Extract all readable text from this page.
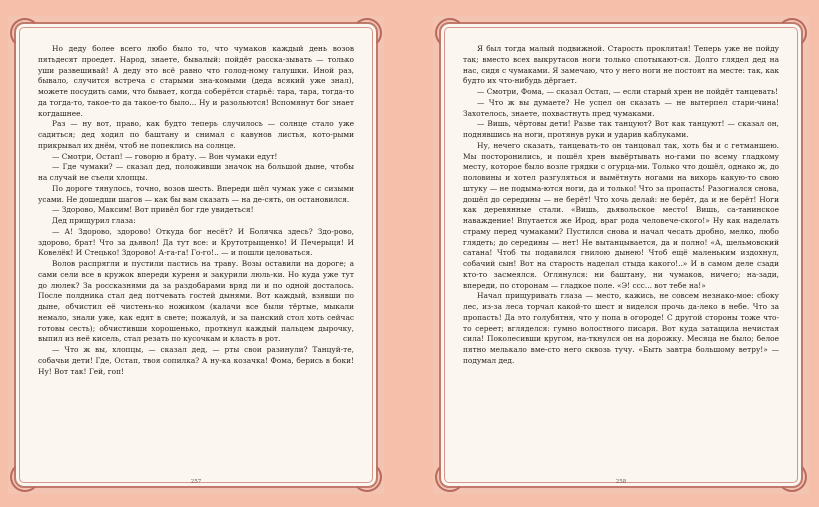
Но деду более всего любо было то, что чумаков каждый день возов пятьдесят проедет. Народ, знаете, бывалый: пойдёт расска-зывать — только уши развешивай! А деду это всё равно что голод-ному галушки. Иной раз, бывало, случится встреча с старыми зна-комыми (деда всякий уже знал), можете посудить сами, что бывает, когда соберётся старьё: тара, тара, тогда-то да тогда-то, такое-то да такое-то было... Ну и разольются! Вспомянут бог знает когдашнее.

Раз — ну вот, право, как будто теперь случилось — солнце стало уже садиться; дед ходил по баштану и снимал с кавунов листья, кото-рыми прикрывал их днём, чтоб не попеклись на солнце.

— Смотри, Остап! — говорю я брату. — Вон чумаки едут!

— Где чумаки? — сказал дед, положивши значок на большой дыне, чтобы на случай не съели хлопцы.

По дороге тянулось, точно, возов шесть. Впереди шёл чумак уже с сизыми усами. Не дошедши шагов — как бы вам сказать — на де-сять, он остановился.

— Здорово, Максим! Вот привёл бог где увидеться!

Дед прищурил глаза:

— А! Здорово, здорово! Откуда бог несёт? И Болячка здесь? Здо-рово, здорово, брат! Что за дьявол! Да тут все: и Крутотрыщенко! И Печерыця! И Ковелёк! И Стецько! Здорово! А-га-га! Го-го!.. — и пошли целоваться.

Волов распрягли и пустили пастись на траву. Возы оставили на дороге; а сами сели все в кружок впереди куреня и закурили люль-ки. Но куда уже тут до люлек? За россказнями да за раздобарами вряд ли и по одной досталось. После полдника стал дед потчевать гостей дынями. Вот каждый, взявши по дыне, обчистил её чистень-ко ножиком (калачи все были тёртые, мыкали немало, знали уже, как едят в свете; пожалуй, и за панский стол хоть сейчас готовы сесть); обчистивши хорошенько, проткнул каждый пальцем дырочку, выпил из неё кисель, стал резать по кусочкам и класть в рот.

— Что ж вы, хлопцы, — сказал дед, — рты свои разинули? Танцуй-те, собачьи дети! Где, Остап, твоя сопилка? А ну-ка козачка! Фома, берись в боки! Ну! Вот так! Гей, гоп!

257

Я был тогда малый подвижной. Старость проклятая! Теперь уже не пойду так; вместо всех выкрутасов ноги только спотыкают-ся. Долго глядел дед на нас, сидя с чумаками. Я замечаю, что у него ноги не постоят на месте: так, как будто их что-нибудь дёргает.

— Смотри, Фома, — сказал Остап, — если старый хрен не пойдёт танцевать!

— Что ж вы думаете? Не успел он сказать — не вытерпел стари-чина! Захотелось, знаете, похвастнуть пред чумаками.

— Вишь, чёртовы дети! Разве так танцуют? Вот как танцуют! — сказал он, поднявшись на ноги, протянув руки и ударив каблуками.

Ну, нечего сказать, танцевать-то он танцовал так, хоть бы и с гетманшею. Мы посторонились, и пошёл хрен вывёртывать но-гами по всему гладкому месту, которое было возле грядки с огурца-ми. Только что дошёл, однако ж, до половины и хотел разгуляться и вымётнуть ногами на вихорь какую-то свою штуку — не подыма-ются ноги, да и только! Что за пропасть! Разогнался снова, дошёл до середины — не берёт! Что хочь делай: не берёт, да и не берёт! Ноги как деревянные стали. «Вишь, дьявольское место! Вишь, са-танинское наваждение! Впутается же Ирод, враг рода человече-ского!» Ну как наделать страму перед чумаками? Пустился снова и начал чесать дробно, мелко, любо глядеть; до середины — нет! Не вытанцывается, да и полно! «А, шельмовский сатана! Чтоб ты подавился гнилою дынею! Чтоб ещё маленьким издохнул, собачий сын! Вот на старость наделал стыда какого!..» И в самом деле сзади кто-то засмеялся. Оглянулся: ни баштану, ни чумаков, ничего; на-зади, впереди, по сторонам — гладкое поле. «Э! ссс... вот тебе на!»

Начал прищуривать глаза — место, кажись, не совсем незнако-мое: сбоку лес, из-за леса торчал какой-то шест и виделся прочь да-леко в небе. Что за пропасть! Да это голубятня, что у попа в огороде! С другой стороны тоже что-то сереет; вгляделся: гумно волостного писаря. Вот куда затащила нечистая сила! Поколесивши кругом, на-ткнулся он на дорожку. Месяца не было; белое пятно мелькало вме-сто него сквозь тучу. «Быть завтра большому ветру!» — подумал дед.

258
